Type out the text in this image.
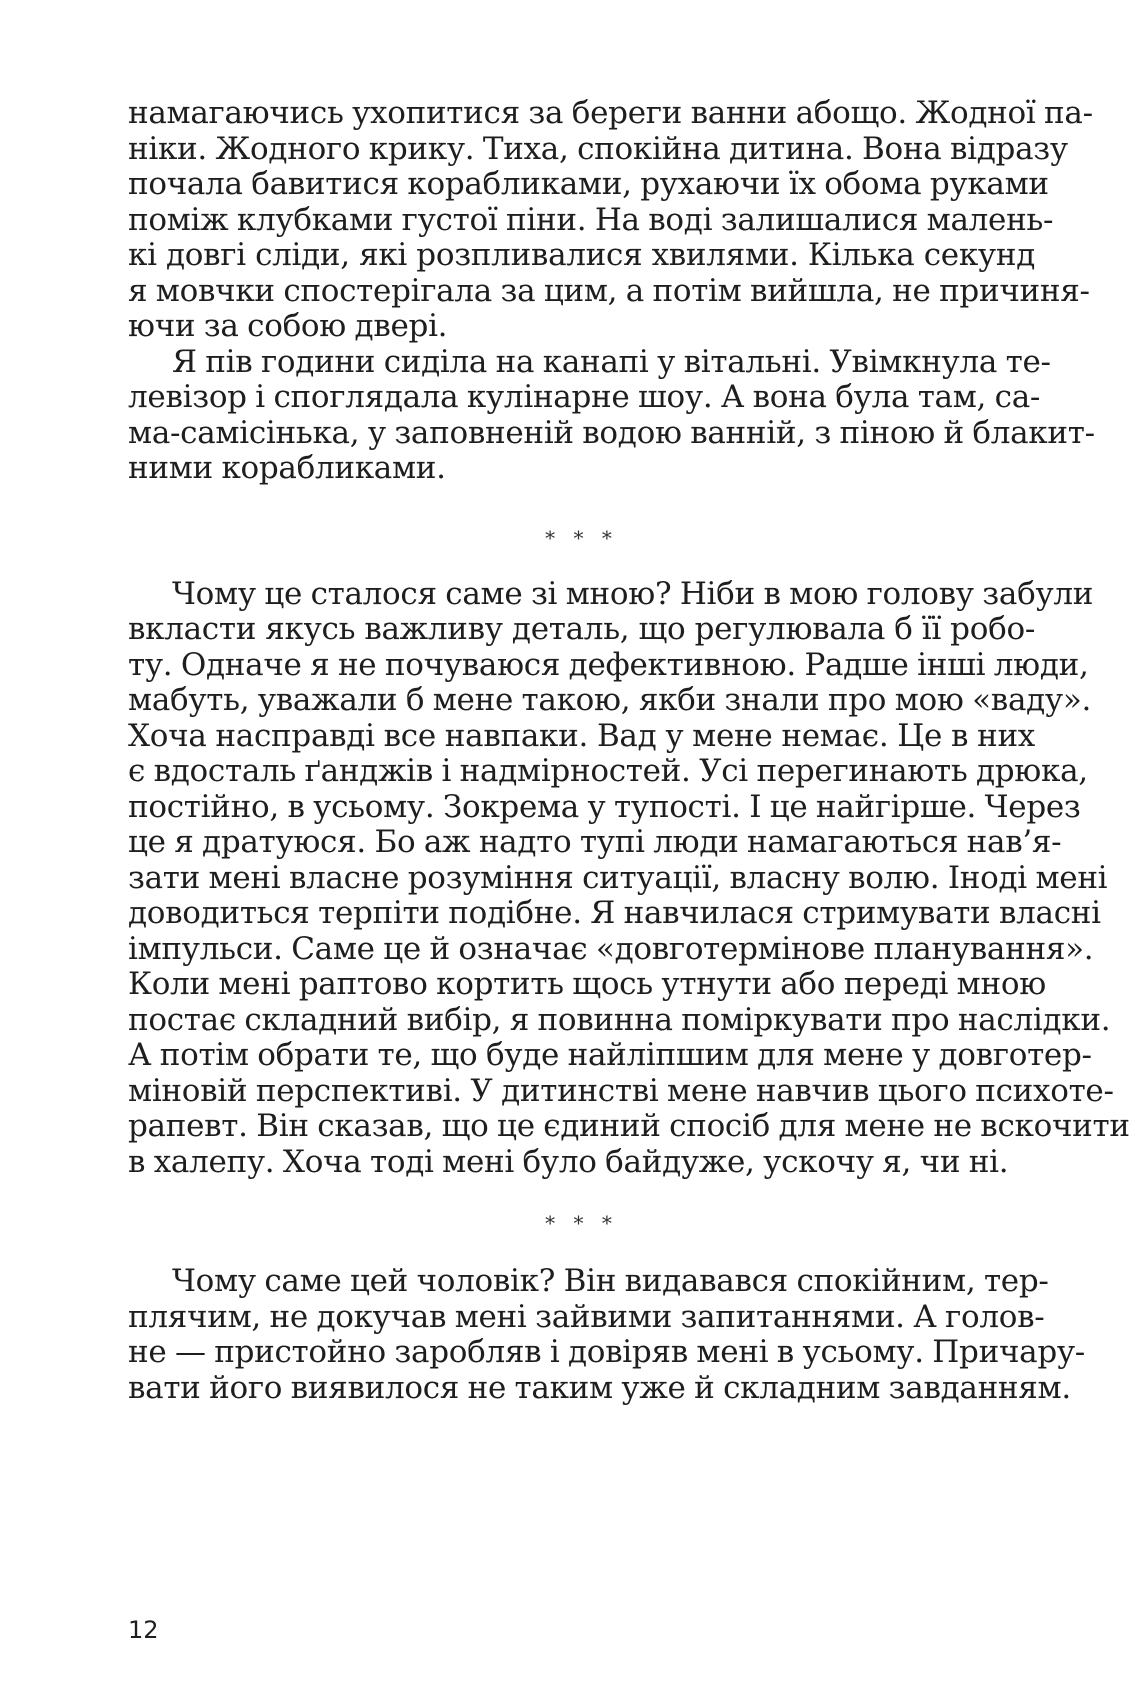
намагаючись ухопитися за береги ванни абощо. Жодної па-
ніки. Жодного крику. Тиха, спокійна дитина. Вона відразу
почала бавитися корабликами, рухаючи їх обома руками
поміж клубками густої піни. На воді залишалися малень-
кі довгі сліди, які розпливалися хвилями. Кілька секунд
я мовчки спостерігала за цим, а потім вийшла, не причиня-
ючи за собою двері.
Я пів години сиділа на канапі у вітальні. Увімкнула те-
левізор і споглядала кулінарне шоу. А вона була там, са-
ма-самісінька, у заповненій водою ванній, з піною й блакит-
ними корабликами.
* * *
Чому це сталося саме зі мною? Ніби в мою голову забули
вкласти якусь важливу деталь, що регулювала б її робо-
ту. Одначе я не почуваюся дефективною. Радше інші люди,
мабуть, уважали б мене такою, якби знали про мою «ваду».
Хоча насправді все навпаки. Вад у мене немає. Це в них
є вдосталь ґанджів і надмірностей. Усі перегинають дрюка,
постійно, в усьому. Зокрема у тупості. І це найгірше. Через
це я дратуюся. Бо аж надто тупі люди намагаються нав’я-
зати мені власне розуміння ситуації, власну волю. Іноді мені
доводиться терпіти подібне. Я навчилася стримувати власні
імпульси. Саме це й означає «довготермінове планування».
Коли мені раптово кортить щось утнути або переді мною
постає складний вибір, я повинна поміркувати про наслідки.
А потім обрати те, що буде найліпшим для мене у довготер-
міновій перспективі. У дитинстві мене навчив цього психоте-
рапевт. Він сказав, що це єдиний спосіб для мене не вскочити
в халепу. Хоча тоді мені було байдуже, ускочу я, чи ні.
* * *
Чому саме цей чоловік? Він видавався спокійним, тер-
плячим, не докучав мені зайвими запитаннями. А голов-
не — пристойно заробляв і довіряв мені в усьому. Причару-
вати його виявилося не таким уже й складним завданням.
12
